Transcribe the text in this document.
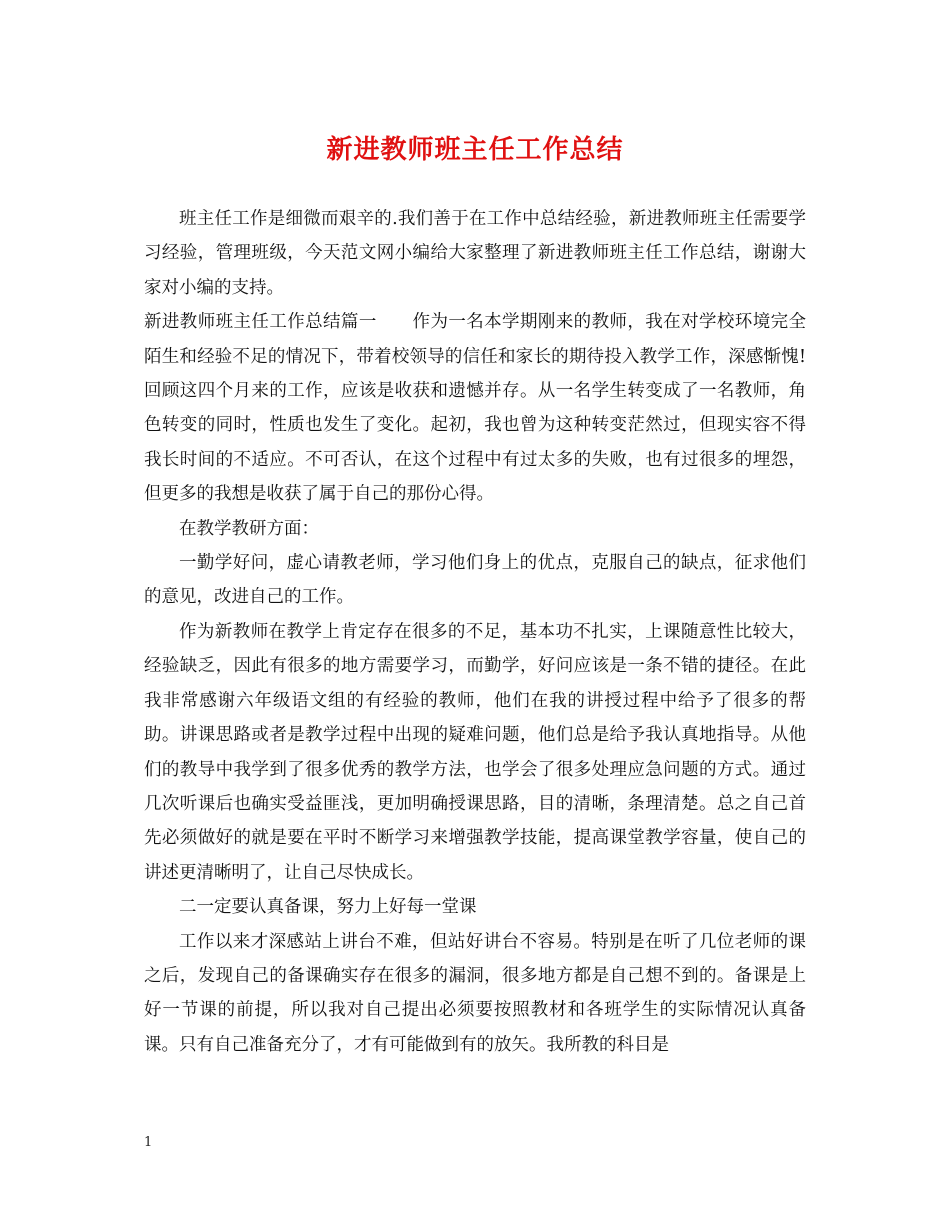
新进教师班主任工作总结

班主任工作是细微而艰辛的.我们善于在工作中总结经验，新进教师班主任需要学习经验，管理班级，今天范文网小编给大家整理了新进教师班主任工作总结，谢谢大家对小编的支持。

新进教师班主任工作总结篇一　　作为一名本学期刚来的教师，我在对学校环境完全陌生和经验不足的情况下，带着校领导的信任和家长的期待投入教学工作，深感惭愧!回顾这四个月来的工作，应该是收获和遗憾并存。从一名学生转变成了一名教师，角色转变的同时，性质也发生了变化。起初，我也曾为这种转变茫然过，但现实容不得我长时间的不适应。不可否认，在这个过程中有过太多的失败，也有过很多的埋怨，但更多的我想是收获了属于自己的那份心得。

在教学教研方面：

一勤学好问，虚心请教老师，学习他们身上的优点，克服自己的缺点，征求他们的意见，改进自己的工作。

作为新教师在教学上肯定存在很多的不足，基本功不扎实，上课随意性比较大，经验缺乏，因此有很多的地方需要学习，而勤学，好问应该是一条不错的捷径。在此我非常感谢六年级语文组的有经验的教师，他们在我的讲授过程中给予了很多的帮助。讲课思路或者是教学过程中出现的疑难问题，他们总是给予我认真地指导。从他们的教导中我学到了很多优秀的教学方法，也学会了很多处理应急问题的方式。通过几次听课后也确实受益匪浅，更加明确授课思路，目的清晰，条理清楚。总之自己首先必须做好的就是要在平时不断学习来增强教学技能，提高课堂教学容量，使自己的讲述更清晰明了，让自己尽快成长。

二一定要认真备课，努力上好每一堂课

工作以来才深感站上讲台不难，但站好讲台不容易。特别是在听了几位老师的课之后，发现自己的备课确实存在很多的漏洞，很多地方都是自己想不到的。备课是上好一节课的前提，所以我对自己提出必须要按照教材和各班学生的实际情况认真备课。只有自己准备充分了，才有可能做到有的放矢。我所教的科目是

1
